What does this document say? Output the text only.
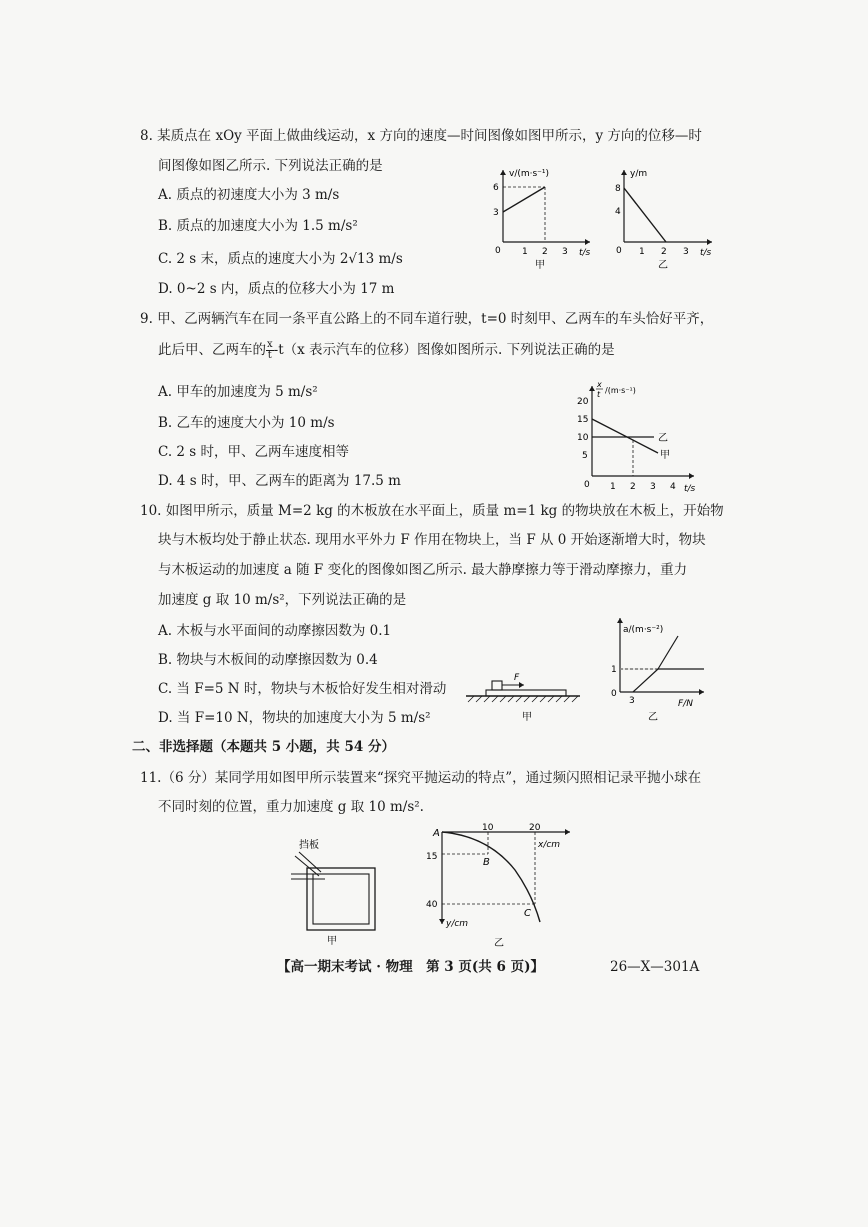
8. 某质点在 xOy 平面上做曲线运动，x 方向的速度—时间图像如图甲所示，y 方向的位移—时
间图像如图乙所示. 下列说法正确的是
A. 质点的初速度大小为 3 m/s
B. 质点的加速度大小为 1.5 m/s²
C. 2 s 末，质点的速度大小为 2√13 m/s
D. 0~2 s 内，质点的位移大小为 17 m
v/(m·s⁻¹)
t/s
0
3
6
1 2 3
甲
y/m
t/s
0
4
8
1 2 3
乙
9. 甲、乙两辆汽车在同一条平直公路上的不同车道行驶，t=0 时刻甲、乙两车的车头恰好平齐，
此后甲、乙两车的 $\frac{x}{t} -t(x$ 表示汽车的位移）图像如图所示. 下列说法正确的是
A. 甲车的加速度为 5 m/s²
B. 乙车的速度大小为 10 m/s
C. 2 s 时，甲、乙两车速度相等
D. 4 s 时，甲、乙两车的距离为 17.5 m
x
t /(m·s⁻¹)
t/s
0
5
10
15
20
1 2 3 4
乙
甲
10. 如图甲所示，质量 M=2 kg 的木板放在水平面上，质量 m=1 kg 的物块放在木板上，开始物
块与木板均处于静止状态. 现用水平外力 F 作用在物块上，当 F 从 0 开始逐渐增大时，物块
与木板运动的加速度 a 随 F 变化的图像如图乙所示. 最大静摩擦力等于滑动摩擦力，重力
加速度 g 取 10 m/s²，下列说法正确的是
A. 木板与水平面间的动摩擦因数为 0.1
B. 物块与木板间的动摩擦因数为 0.4
C. 当 F=5 N 时，物块与木板恰好发生相对滑动
D. 当 F=10 N，物块的加速度大小为 5 m/s²
F
甲
a/(m·s⁻²)
F/N
0
1
3
乙
二、非选择题（本题共 5 小题，共 54 分）
11.（6 分）某同学用如图甲所示装置来“探究平抛运动的特点”，通过频闪照相记录平抛小球在
不同时刻的位置，重力加速度 g 取 10 m/s².
挡板
甲
A
x/cm
y/cm
10	20
15
40
B
C
乙
【高一期末考试 · 物理　第 3 页(共 6 页)】	26—X—301A
